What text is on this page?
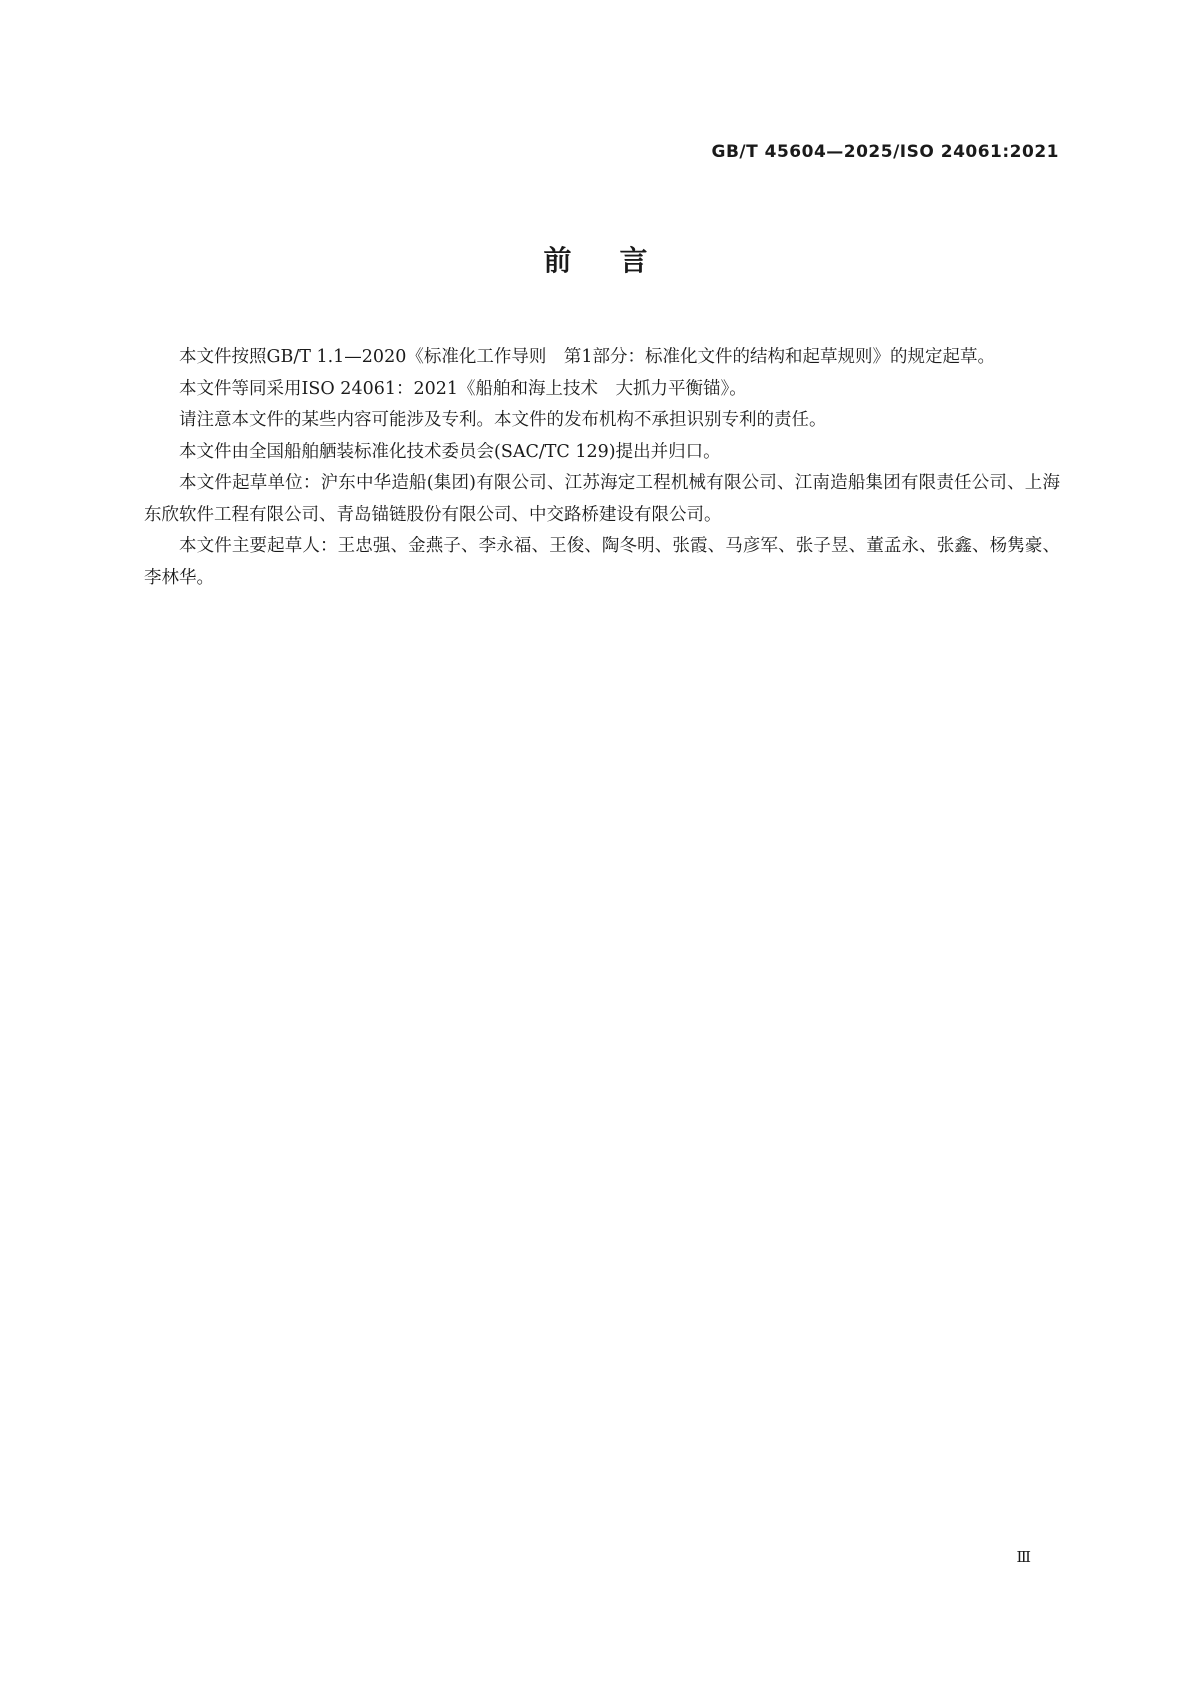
GB/T 45604—2025/ISO 24061:2021
前言

本文件按照GB/T 1.1—2020《标准化工作导则　第1部分：标准化文件的结构和起草规则》的规定起草。

本文件等同采用ISO 24061：2021《船舶和海上技术　大抓力平衡锚》。

请注意本文件的某些内容可能涉及专利。本文件的发布机构不承担识别专利的责任。

本文件由全国船舶舾装标准化技术委员会(SAC/TC 129)提出并归口。

本文件起草单位：沪东中华造船(集团)有限公司、江苏海定工程机械有限公司、江南造船集团有限责任公司、上海东欣软件工程有限公司、青岛锚链股份有限公司、中交路桥建设有限公司。

本文件主要起草人：王忠强、金燕子、李永福、王俊、陶冬明、张霞、马彦军、张子昱、董孟永、张鑫、杨隽豪、李林华。

Ⅲ
